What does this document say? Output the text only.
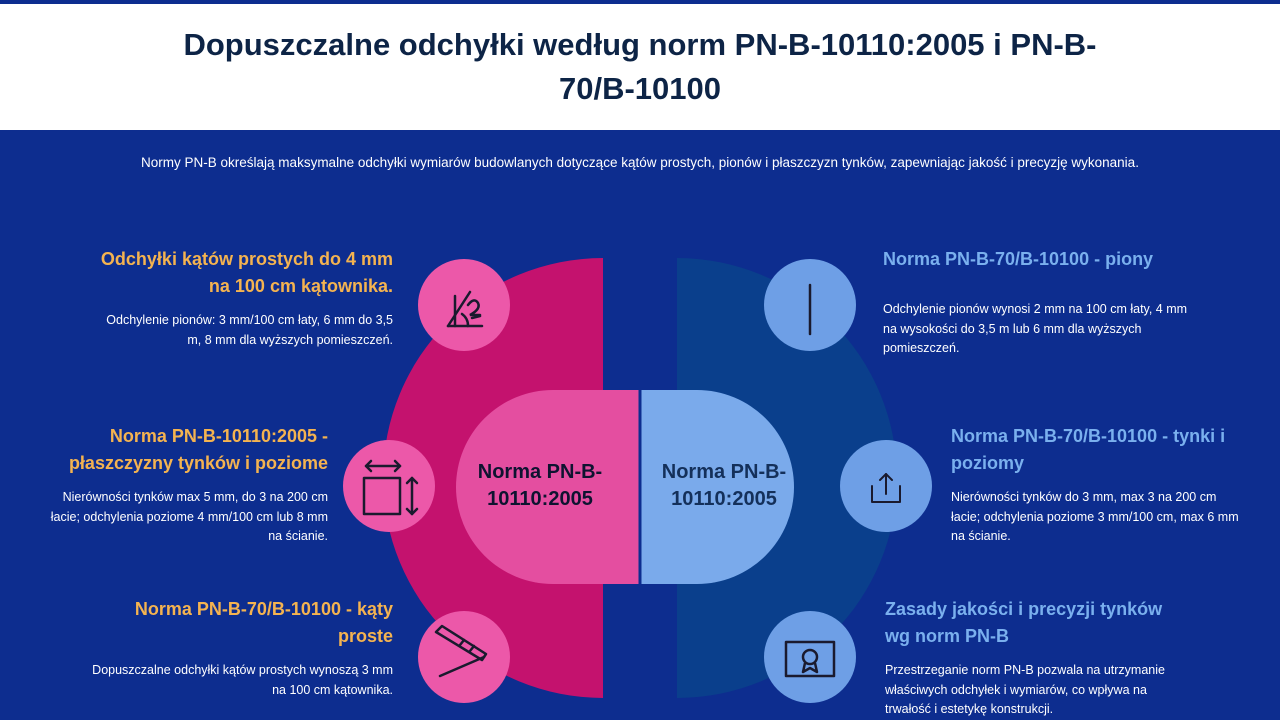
Dopuszczalne odchyłki według norm PN-B-10110:2005 i PN-B-70/B-10100
Normy PN-B określają maksymalne odchyłki wymiarów budowlanych dotyczące kątów prostych, pionów i płaszczyzn tynków, zapewniając jakość i precyzję wykonania.
Norma PN-B-10110:2005
Norma PN-B-10110:2005
Odchyłki kątów prostych do 4 mm na 100 cm kątownika.

Odchylenie pionów: 3 mm/100 cm łaty, 6 mm do 3,5 m, 8 mm dla wyższych pomieszczeń.

Norma PN-B-10110:2005 - płaszczyzny tynków i poziome

Nierówności tynków max 5 mm, do 3 na 200 cm łacie; odchylenia poziome 4 mm/100 cm lub 8 mm na ścianie.

Norma PN-B-70/B-10100 - kąty proste

Dopuszczalne odchyłki kątów prostych wynoszą 3 mm na 100 cm kątownika.

Norma PN-B-70/B-10100 - piony

Odchylenie pionów wynosi 2 mm na 100 cm łaty, 4 mm na wysokości do 3,5 m lub 6 mm dla wyższych pomieszczeń.

Norma PN-B-70/B-10100 - tynki i poziomy

Nierówności tynków do 3 mm, max 3 na 200 cm łacie; odchylenia poziome 3 mm/100 cm, max 6 mm na ścianie.

Zasady jakości i precyzji tynków wg norm PN-B

Przestrzeganie norm PN-B pozwala na utrzymanie właściwych odchyłek i wymiarów, co wpływa na trwałość i estetykę konstrukcji.
